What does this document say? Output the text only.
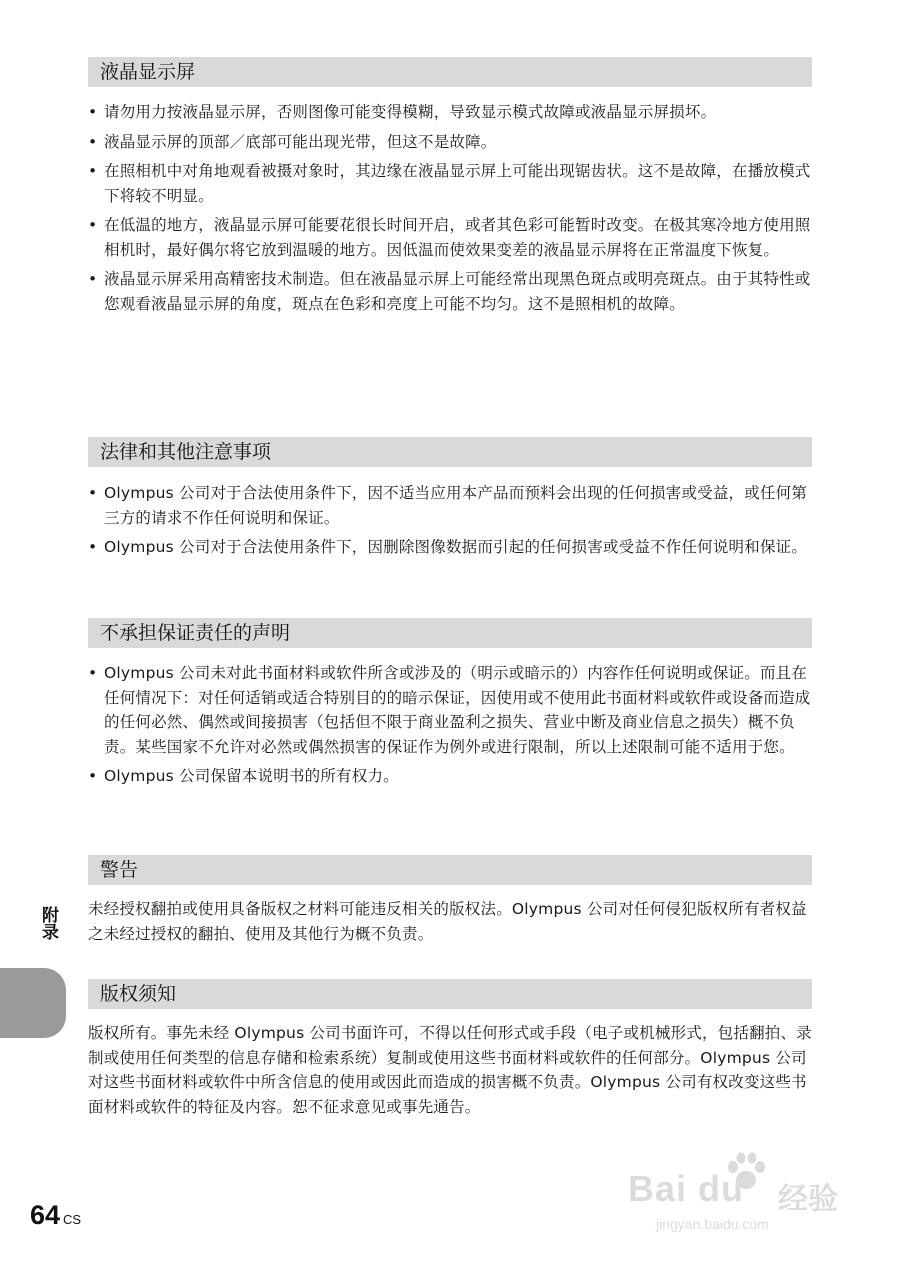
液晶显示屏
• 请勿用力按液晶显示屏，否则图像可能变得模糊，导致显示模式故障或液晶显示屏损坏。
• 液晶显示屏的顶部／底部可能出现光带，但这不是故障。
• 在照相机中对角地观看被摄对象时，其边缘在液晶显示屏上可能出现锯齿状。这不是故障，在播放模式下将较不明显。
• 在低温的地方，液晶显示屏可能要花很长时间开启，或者其色彩可能暂时改变。在极其寒冷地方使用照相机时，最好偶尔将它放到温暖的地方。因低温而使效果变差的液晶显示屏将在正常温度下恢复。
• 液晶显示屏采用高精密技术制造。但在液晶显示屏上可能经常出现黑色斑点或明亮斑点。由于其特性或您观看液晶显示屏的角度，斑点在色彩和亮度上可能不均匀。这不是照相机的故障。
法律和其他注意事项
• Olympus 公司对于合法使用条件下，因不适当应用本产品而预料会出现的任何损害或受益，或任何第三方的请求不作任何说明和保证。
• Olympus 公司对于合法使用条件下，因删除图像数据而引起的任何损害或受益不作任何说明和保证。
不承担保证责任的声明
• Olympus 公司未对此书面材料或软件所含或涉及的（明示或暗示的）内容作任何说明或保证。而且在任何情况下：对任何适销或适合特别目的的暗示保证，因使用或不使用此书面材料或软件或设备而造成的任何必然、偶然或间接损害（包括但不限于商业盈利之损失、营业中断及商业信息之损失）概不负责。某些国家不允许对必然或偶然损害的保证作为例外或进行限制，所以上述限制可能不适用于您。
• Olympus 公司保留本说明书的所有权力。
警告

未经授权翻拍或使用具备版权之材料可能违反相关的版权法。Olympus 公司对任何侵犯版权所有者权益之未经过授权的翻拍、使用及其他行为概不负责。

版权须知

版权所有。事先未经 Olympus 公司书面许可，不得以任何形式或手段（电子或机械形式，包括翻拍、录制或使用任何类型的信息存储和检索系统）复制或使用这些书面材料或软件的任何部分。Olympus 公司对这些书面材料或软件中所含信息的使用或因此而造成的损害概不负责。Olympus 公司有权改变这些书面材料或软件的特征及内容。恕不征求意见或事先通告。

附录
64 CS
Bai du 经验
jingyan.baidu.com
